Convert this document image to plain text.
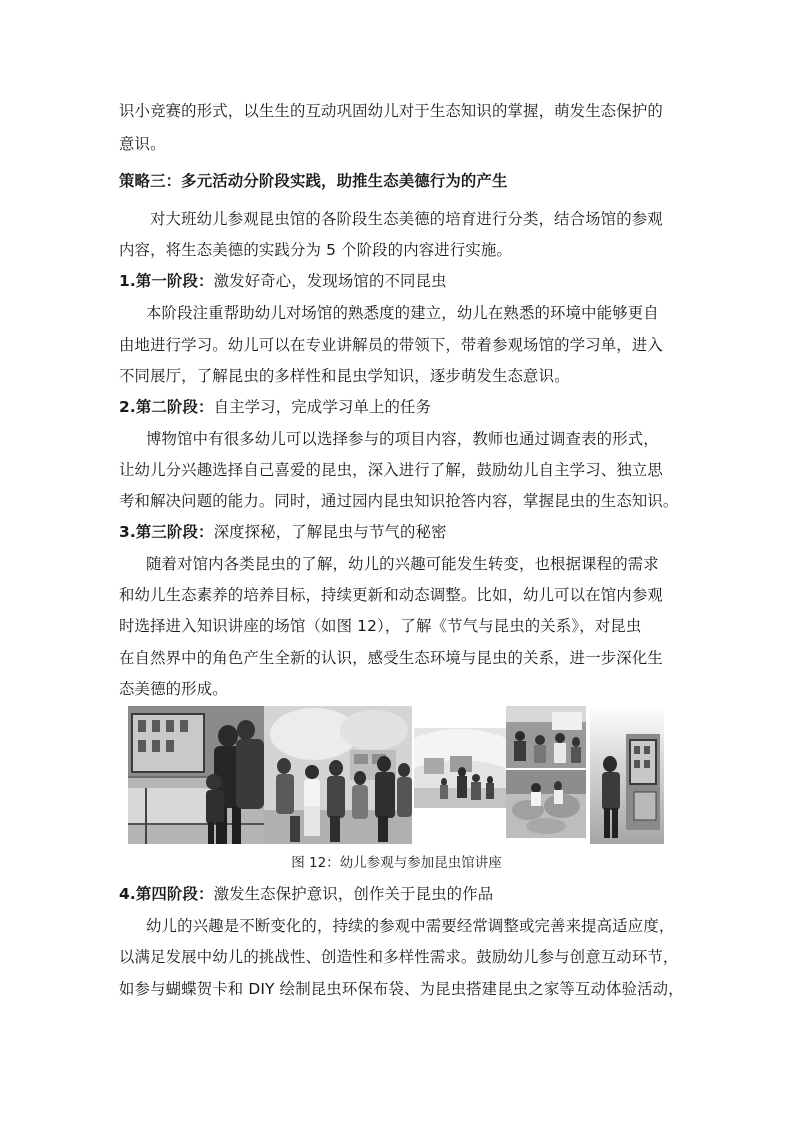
识小竞赛的形式，以生生的互动巩固幼儿对于生态知识的掌握，萌发生态保护的
意识。
策略三：多元活动分阶段实践，助推生态美德行为的产生
对大班幼儿参观昆虫馆的各阶段生态美德的培育进行分类，结合场馆的参观
内容，将生态美德的实践分为 5 个阶段的内容进行实施。
1.第一阶段：激发好奇心，发现场馆的不同昆虫
本阶段注重帮助幼儿对场馆的熟悉度的建立，幼儿在熟悉的环境中能够更自
由地进行学习。幼儿可以在专业讲解员的带领下，带着参观场馆的学习单，进入
不同展厅，了解昆虫的多样性和昆虫学知识，逐步萌发生态意识。
2.第二阶段：自主学习，完成学习单上的任务
博物馆中有很多幼儿可以选择参与的项目内容，教师也通过调查表的形式，
让幼儿分兴趣选择自己喜爱的昆虫，深入进行了解，鼓励幼儿自主学习、独立思
考和解决问题的能力。同时，通过园内昆虫知识抢答内容，掌握昆虫的生态知识。
3.第三阶段：深度探秘，了解昆虫与节气的秘密
随着对馆内各类昆虫的了解，幼儿的兴趣可能发生转变，也根据课程的需求
和幼儿生态素养的培养目标，持续更新和动态调整。比如，幼儿可以在馆内参观
时选择进入知识讲座的场馆（如图 12），了解《节气与昆虫的关系》，对昆虫
在自然界中的角色产生全新的认识，感受生态环境与昆虫的关系，进一步深化生
态美德的形成。
图 12：幼儿参观与参加昆虫馆讲座
4.第四阶段：激发生态保护意识，创作关于昆虫的作品
幼儿的兴趣是不断变化的，持续的参观中需要经常调整或完善来提高适应度，
以满足发展中幼儿的挑战性、创造性和多样性需求。鼓励幼儿参与创意互动环节，
如参与蝴蝶贺卡和 DIY 绘制昆虫环保布袋、为昆虫搭建昆虫之家等互动体验活动，
